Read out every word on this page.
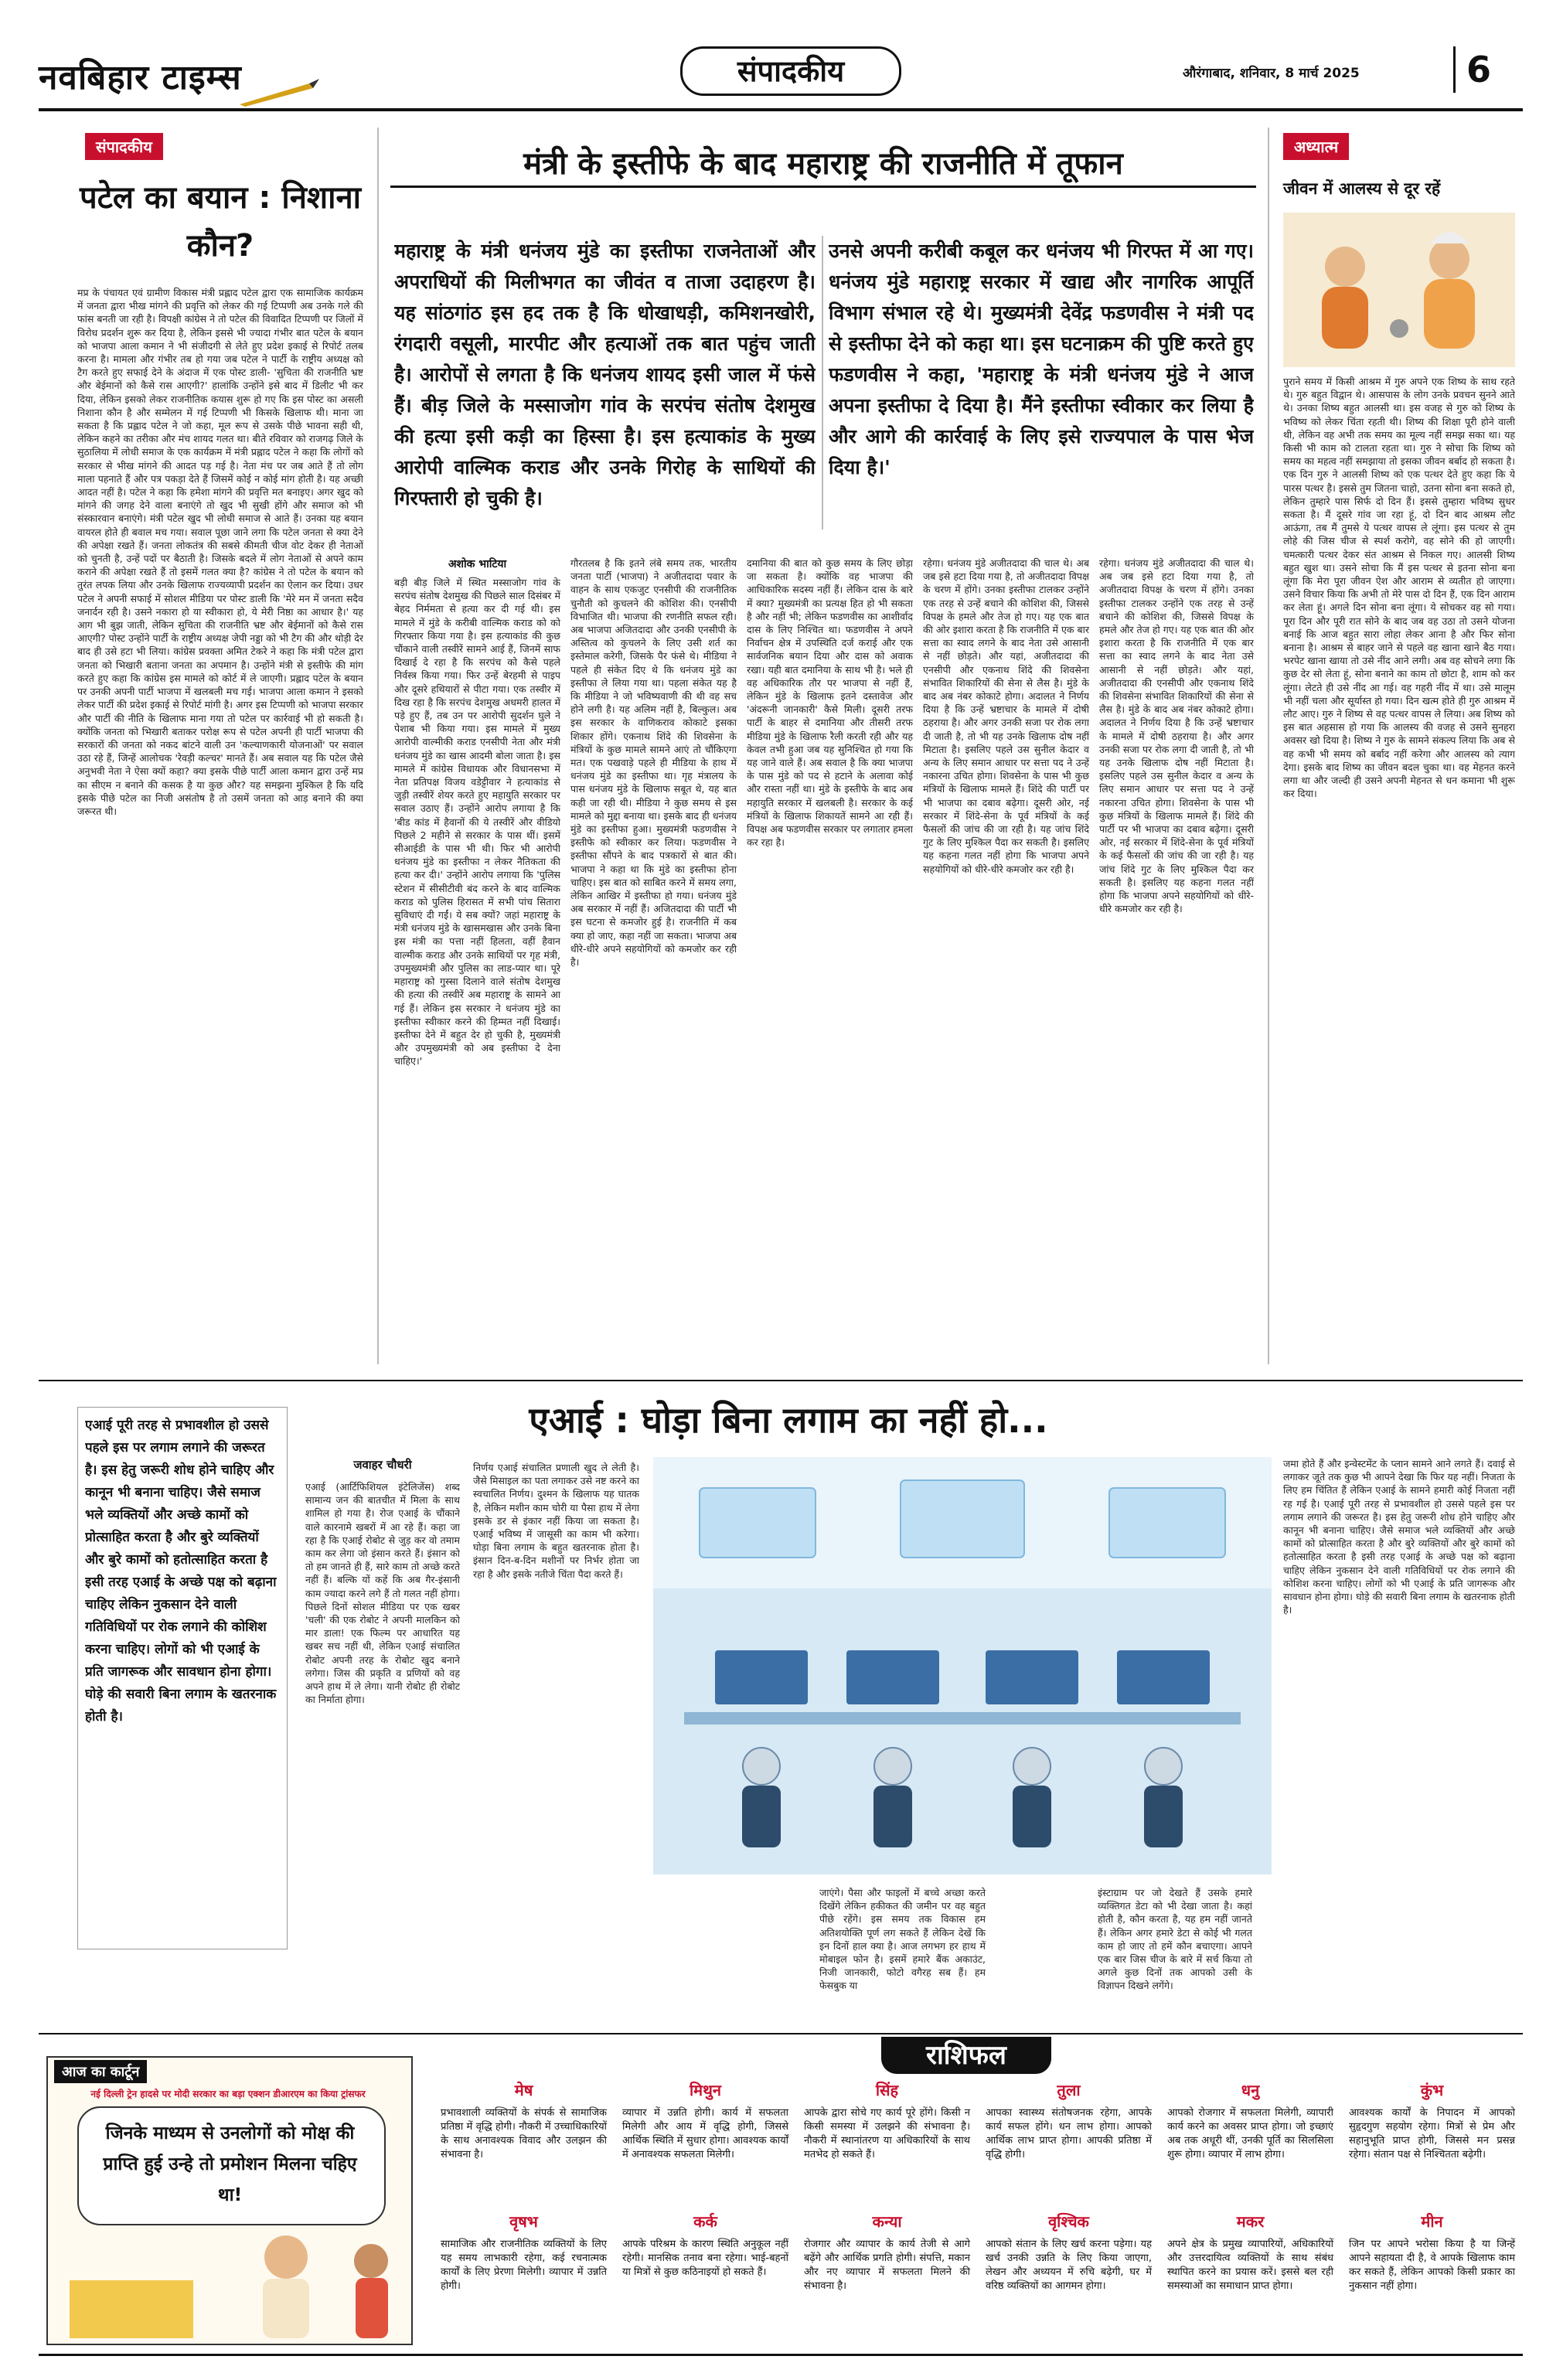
नवबिहार टाइम्स	संपादकीय	औरंगाबाद, शनिवार, 8 मार्च 2025	6
संपादकीय
पटेल का बयान : निशाना कौन?
मप्र के पंचायत एवं ग्रामीण विकास मंत्री प्रह्लाद पटेल द्वारा एक सामाजिक कार्यक्रम में जनता द्वारा भीख मांगने की प्रवृत्ति को लेकर की गई टिप्पणी अब उनके गले की फांस बनती जा रही है। विपक्षी कांग्रेस ने तो पटेल की विवादित टिप्पणी पर जिलों में विरोध प्रदर्शन शुरू कर दिया है, लेकिन इससे भी ज्यादा गंभीर बात पटेल के बयान को भाजपा आला कमान ने भी संजीदगी से लेते हुए प्रदेश इकाई से रिपोर्ट तलब करना है। मामला और गंभीर तब हो गया जब पटेल ने पार्टी के राष्ट्रीय अध्यक्ष को टैग करते हुए सफाई देने के अंदाज में एक पोस्ट डाली- 'सुचिता की राजनीति भ्रष्ट और बेईमानों को कैसे रास आएगी?' हालांकि उन्होंने इसे बाद में डिलीट भी कर दिया, लेकिन इसको लेकर राजनीतिक कयास शुरू हो गए कि इस पोस्ट का असली निशाना कौन है और सम्मेलन में गई टिप्पणी भी किसके खिलाफ थी। माना जा सकता है कि प्रह्लाद पटेल ने जो कहा, मूल रूप से उसके पीछे भावना सही थी, लेकिन कहने का तरीका और मंच शायद गलत था। बीते रविवार को राजगढ़ जिले के सुठालिया में लोधी समाज के एक कार्यक्रम में मंत्री प्रह्लाद पटेल ने कहा कि लोगों को सरकार से भीख मांगने की आदत पड़ गई है। नेता मंच पर जब आते हैं तो लोग माला पहनाते हैं और पत्र पकड़ा देते हैं जिसमें कोई न कोई मांग होती है। यह अच्छी आदत नहीं है। पटेल ने कहा कि हमेशा मांगने की प्रवृत्ति मत बनाइए। अगर खुद को मांगने की जगह देने वाला बनाएंगे तो खुद भी सुखी होंगे और समाज को भी संस्कारवान बनाएंगे। मंत्री पटेल खुद भी लोधी समाज से आते हैं। उनका यह बयान वायरल होते ही बवाल मच गया। सवाल पूछा जाने लगा कि पटेल जनता से क्या देने की अपेक्षा रखते हैं। जनता लोकतंत्र की सबसे कीमती चीज वोट देकर ही नेताओं को चुनती है, उन्हें पदों पर बैठाती है। जिसके बदले में लोग नेताओं से अपने काम कराने की अपेक्षा रखते हैं तो इसमें गलत क्या है? कांग्रेस ने तो पटेल के बयान को तुरंत लपक लिया और उनके खिलाफ राज्यव्यापी प्रदर्शन का ऐलान कर दिया। उधर पटेल ने अपनी सफाई में सोशल मीडिया पर पोस्ट डाली कि 'मेरे मन में जनता सदैव जनार्दन रही है। उसने नकारा हो या स्वीकारा हो, ये मेरी निष्ठा का आधार है।' यह आग भी बुझ जाती, लेकिन सुचिता की राजनीति भ्रष्ट और बेईमानों को कैसे रास आएगी? पोस्ट उन्होंने पार्टी के राष्ट्रीय अध्यक्ष जेपी नड्डा को भी टैग की और थोड़ी देर बाद ही उसे हटा भी लिया। कांग्रेस प्रवक्ता अमित टेकरे ने कहा कि मंत्री पटेल द्वारा जनता को भिखारी बताना जनता का अपमान है। उन्होंने मंत्री से इस्तीफे की मांग करते हुए कहा कि कांग्रेस इस मामले को कोर्ट में ले जाएगी। प्रह्लाद पटेल के बयान पर उनकी अपनी पार्टी भाजपा में खलबली मच गई। भाजपा आला कमान ने इसको लेकर पार्टी की प्रदेश इकाई से रिपोर्ट मांगी है। अगर इस टिप्पणी को भाजपा सरकार और पार्टी की नीति के खिलाफ माना गया तो पटेल पर कार्रवाई भी हो सकती है। क्योंकि जनता को भिखारी बताकर परोक्ष रूप से पटेल अपनी ही पार्टी भाजपा की सरकारों की जनता को नकद बांटने वाली उन 'कल्याणकारी योजनाओं' पर सवाल उठा रहे हैं, जिन्हें आलोचक 'रेवड़ी कल्चर' मानते हैं। अब सवाल यह कि पटेल जैसे अनुभवी नेता ने ऐसा क्यों कहा? क्या इसके पीछे पार्टी आला कमान द्वारा उन्हें मप्र का सीएम न बनाने की कसक है या कुछ और? यह समझना मुश्किल है कि यदि इसके पीछे पटेल का निजी असंतोष है तो उसमें जनता को आड़ बनाने की क्या जरूरत थी।
मंत्री के इस्तीफे के बाद महाराष्ट्र की राजनीति में तूफान
महाराष्ट्र के मंत्री धनंजय मुंडे का इस्तीफा राजनेताओं और अपराधियों की मिलीभगत का जीवंत व ताजा उदाहरण है। यह सांठगांठ इस हद तक है कि धोखाधड़ी, कमिशनखोरी, रंगदारी वसूली, मारपीट और हत्याओं तक बात पहुंच जाती है। आरोपों से लगता है कि धनंजय शायद इसी जाल में फंसे हैं। बीड़ जिले के मस्साजोग गांव के सरपंच संतोष देशमुख की हत्या इसी कड़ी का हिस्सा है। इस हत्याकांड के मुख्य आरोपी वाल्मिक कराड और उनके गिरोह के साथियों की गिरफ्तारी हो चुकी है।
उनसे अपनी करीबी कबूल कर धनंजय भी गिरफ्त में आ गए। धनंजय मुंडे महाराष्ट्र सरकार में खाद्य और नागरिक आपूर्ति विभाग संभाल रहे थे। मुख्यमंत्री देवेंद्र फडणवीस ने मंत्री पद से इस्तीफा देने को कहा था। इस घटनाक्रम की पुष्टि करते हुए फडणवीस ने कहा, 'महाराष्ट्र के मंत्री धनंजय मुंडे ने आज अपना इस्तीफा दे दिया है। मैंने इस्तीफा स्वीकार कर लिया है और आगे की कार्रवाई के लिए इसे राज्यपाल के पास भेज दिया है।'
अशोक भाटिया
बड़ी बीड़ जिले में स्थित मस्साजोग गांव के सरपंच संतोष देशमुख की पिछले साल दिसंबर में बेहद निर्ममता से हत्या कर दी गई थी। इस मामले में मुंडे के करीबी वाल्मिक कराड को को गिरफ्तार किया गया है। इस हत्याकांड की कुछ चौंकाने वाली तस्वीरें सामने आई हैं, जिनमें साफ दिखाई दे रहा है कि सरपंच को कैसे पहले निर्वस्त्र किया गया। फिर उन्हें बेरहमी से पाइप और दूसरे हथियारों से पीटा गया। एक तस्वीर में दिख रहा है कि सरपंच देशमुख अधमरी हालत में पड़े हुए हैं, तब उन पर आरोपी सुदर्शन घुले ने पेशाब भी किया गया। इस मामले में मुख्य आरोपी वाल्मीकी कराड एनसीपी नेता और मंत्री धनंजय मुंडे का खास आदमी बोला जाता है। इस मामले में कांग्रेस विधायक और विधानसभा में नेता प्रतिपक्ष विजय वडेट्टीवार ने हत्याकांड से जुड़ी तस्वीरें शेयर करते हुए महायुति सरकार पर सवाल उठाए हैं। उन्होंने आरोप लगाया है कि 'बीड कांड में हैवानों की ये तस्वीरें और वीडियो पिछले 2 महीने से सरकार के पास थीं। इसमें सीआईडी के पास भी थी। फिर भी आरोपी धनंजय मुंडे का इस्तीफा न लेकर नैतिकता की हत्या कर दी।' उन्होंने आरोप लगाया कि 'पुलिस स्टेशन में सीसीटीवी बंद करने के बाद वाल्मिक कराड को पुलिस हिरासत में सभी पांच सितारा सुविधाएं दी गईं। ये सब क्यों? जहां महाराष्ट्र के मंत्री धनंजय मुंडे के खासमखास और उनके बिना इस मंत्री का पत्ता नहीं हिलता, वहीं हैवान वाल्मीक कराड और उनके साथियों पर गृह मंत्री, उपमुख्यमंत्री और पुलिस का लाड-प्यार था। पूरे महाराष्ट्र को गुस्सा दिलाने वाले संतोष देशमुख की हत्या की तस्वीरें अब महाराष्ट्र के सामने आ गई हैं। लेकिन इस सरकार ने धनंजय मुंडे का इस्तीफा स्वीकार करने की हिम्मत नहीं दिखाई। इस्तीफा देने में बहुत देर हो चुकी है, मुख्यमंत्री और उपमुख्यमंत्री को अब इस्तीफा दे देना चाहिए।'
गौरतलब है कि इतने लंबे समय तक, भारतीय जनता पार्टी (भाजपा) ने अजीतदादा पवार के वाहन के साथ एकजुट एनसीपी की राजनीतिक चुनौती को कुचलने की कोशिश की। एनसीपी विभाजित थी। भाजपा की रणनीति सफल रही। अब भाजपा अजितदादा और उनकी एनसीपी के अस्तित्व को कुचलने के लिए उसी शर्त का इस्तेमाल करेगी, जिसके पैर फंसे थे। मीडिया ने पहले ही संकेत दिए थे कि धनंजय मुंडे का इस्तीफा ले लिया गया था। पहला संकेत यह है कि मीडिया ने जो भविष्यवाणी की थी वह सच होने लगी है। यह अलिम नहीं है, बिल्कुल। अब इस सरकार के वाणिकराव कोकाटे इसका शिकार होंगे। एकनाथ शिंदे की शिवसेना के मंत्रियों के कुछ मामले सामने आएं तो चौंकिएगा मत। एक पखवाड़े पहले ही मीडिया के हाथ में धनंजय मुंडे का इस्तीफा था। गृह मंत्रालय के पास धनंजय मुंडे के खिलाफ सबूत थे, यह बात कही जा रही थी। मीडिया ने कुछ समय से इस मामले को मुद्दा बनाया था। इसके बाद ही धनंजय मुंडे का इस्तीफा हुआ। मुख्यमंत्री फडणवीस ने इस्तीफे को स्वीकार कर लिया। फडणवीस ने इस्तीफा सौंपने के बाद पत्रकारों से बात की। भाजपा ने कहा था कि मुंडे का इस्तीफा होना चाहिए। इस बात को साबित करने में समय लगा, लेकिन आखिर में इस्तीफा हो गया। धनंजय मुंडे अब सरकार में नहीं हैं। अजितदादा की पार्टी भी इस घटना से कमजोर हुई है। राजनीति में कब क्या हो जाए, कहा नहीं जा सकता। भाजपा अब धीरे-धीरे अपने सहयोगियों को कमजोर कर रही है।
दमानिया की बात को कुछ समय के लिए छोड़ा जा सकता है। क्योंकि वह भाजपा की आधिकारिक सदस्य नहीं हैं। लेकिन दास के बारे में क्या? मुख्यमंत्री का प्रत्यक्ष हित हो भी सकता है और नहीं भी; लेकिन फडणवीस का आशीर्वाद दास के लिए निश्चित था। फडणवीस ने अपने निर्वाचन क्षेत्र में उपस्थिति दर्ज कराई और एक सार्वजनिक बयान दिया और दास को अवाक रखा। यही बात दमानिया के साथ भी है। भले ही वह अधिकारिक तौर पर भाजपा से नहीं हैं, लेकिन मुंडे के खिलाफ इतने दस्तावेज और 'अंदरूनी जानकारी' कैसे मिली। दूसरी तरफ पार्टी के बाहर से दमानिया और तीसरी तरफ मीडिया मुंडे के खिलाफ रैली करती रही और यह केवल तभी हुआ जब यह सुनिश्चित हो गया कि यह जाने वाले हैं। अब सवाल है कि क्या भाजपा के पास मुंडे को पद से हटाने के अलावा कोई और रास्ता नहीं था। मुंडे के इस्तीफे के बाद अब महायुति सरकार में खलबली है। सरकार के कई मंत्रियों के खिलाफ शिकायतें सामने आ रही हैं। विपक्ष अब फडणवीस सरकार पर लगातार हमला कर रहा है।
रहेगा। धनंजय मुंडे अजीतदादा की चाल थे। अब जब इसे हटा दिया गया है, तो अजीतदादा विपक्ष के चरण में होंगे। उनका इस्तीफा टालकर उन्होंने एक तरह से उन्हें बचाने की कोशिश की, जिससे विपक्ष के हमले और तेज हो गए। यह एक बात की ओर इशारा करता है कि राजनीति में एक बार सत्ता का स्वाद लगने के बाद नेता उसे आसानी से नहीं छोड़ते। और यहां, अजीतदादा की एनसीपी और एकनाथ शिंदे की शिवसेना संभावित शिकारियों की सेना से लैस है। मुंडे के बाद अब नंबर कोकाटे होगा। अदालत ने निर्णय दिया है कि उन्हें भ्रष्टाचार के मामले में दोषी ठहराया है। और अगर उनकी सजा पर रोक लगा दी जाती है, तो भी यह उनके खिलाफ दोष नहीं मिटाता है। इसलिए पहले उस सुनील केदार व अन्य के लिए समान आधार पर सत्ता पद ने उन्हें नकारना उचित होगा। शिवसेना के पास भी कुछ मंत्रियों के खिलाफ मामले हैं। शिंदे की पार्टी पर भी भाजपा का दबाव बढ़ेगा। दूसरी ओर, नई सरकार में शिंदे-सेना के पूर्व मंत्रियों के कई फैसलों की जांच की जा रही है। यह जांच शिंदे गुट के लिए मुश्किल पैदा कर सकती है। इसलिए यह कहना गलत नहीं होगा कि भाजपा अपने सहयोगियों को धीरे-धीरे कमजोर कर रही है।
रहेगा। धनंजय मुंडे अजीतदादा की चाल थे। अब जब इसे हटा दिया गया है, तो अजीतदादा विपक्ष के चरण में होंगे। उनका इस्तीफा टालकर उन्होंने एक तरह से उन्हें बचाने की कोशिश की, जिससे विपक्ष के हमले और तेज हो गए। यह एक बात की ओर इशारा करता है कि राजनीति में एक बार सत्ता का स्वाद लगने के बाद नेता उसे आसानी से नहीं छोड़ते। और यहां, अजीतदादा की एनसीपी और एकनाथ शिंदे की शिवसेना संभावित शिकारियों की सेना से लैस है। मुंडे के बाद अब नंबर कोकाटे होगा। अदालत ने निर्णय दिया है कि उन्हें भ्रष्टाचार के मामले में दोषी ठहराया है। और अगर उनकी सजा पर रोक लगा दी जाती है, तो भी यह उनके खिलाफ दोष नहीं मिटाता है। इसलिए पहले उस सुनील केदार व अन्य के लिए समान आधार पर सत्ता पद ने उन्हें नकारना उचित होगा। शिवसेना के पास भी कुछ मंत्रियों के खिलाफ मामले हैं। शिंदे की पार्टी पर भी भाजपा का दबाव बढ़ेगा। दूसरी ओर, नई सरकार में शिंदे-सेना के पूर्व मंत्रियों के कई फैसलों की जांच की जा रही है। यह जांच शिंदे गुट के लिए मुश्किल पैदा कर सकती है। इसलिए यह कहना गलत नहीं होगा कि भाजपा अपने सहयोगियों को धीरे-धीरे कमजोर कर रही है।
अध्यात्म
जीवन में आलस्य से दूर रहें
पुराने समय में किसी आश्रम में गुरु अपने एक शिष्य के साथ रहते थे। गुरु बहुत विद्वान थे। आसपास के लोग उनके प्रवचन सुनने आते थे। उनका शिष्य बहुत आलसी था। इस वजह से गुरु को शिष्य के भविष्य को लेकर चिंता रहती थी। शिष्य की शिक्षा पूरी होने वाली थी, लेकिन वह अभी तक समय का मूल्य नहीं समझ सका था। यह किसी भी काम को टालता रहता था। गुरु ने सोचा कि शिष्य को समय का महत्व नहीं समझाया तो इसका जीवन बर्बाद हो सकता है। एक दिन गुरु ने आलसी शिष्य को एक पत्थर देते हुए कहा कि ये पारस पत्थर है। इससे तुम जितना चाहो, उतना सोना बना सकते हो, लेकिन तुम्हारे पास सिर्फ दो दिन हैं। इससे तुम्हारा भविष्य सुधर सकता है। मैं दूसरे गांव जा रहा हूं, दो दिन बाद आश्रम लौट आऊंगा, तब मैं तुमसे ये पत्थर वापस ले लूंगा। इस पत्थर से तुम लोहे की जिस चीज से स्पर्श करोगे, वह सोने की हो जाएगी। चमत्कारी पत्थर देकर संत आश्रम से निकल गए। आलसी शिष्य बहुत खुश था। उसने सोचा कि मैं इस पत्थर से इतना सोना बना लूंगा कि मेरा पूरा जीवन ऐश और आराम से व्यतीत हो जाएगा। उसने विचार किया कि अभी तो मेरे पास दो दिन हैं, एक दिन आराम कर लेता हूं। अगले दिन सोना बना लूंगा। ये सोचकर वह सो गया। पूरा दिन और पूरी रात सोने के बाद जब वह उठा तो उसने योजना बनाई कि आज बहुत सारा लोहा लेकर आना है और फिर सोना बनाना है। आश्रम से बाहर जाने से पहले वह खाना खाने बैठ गया। भरपेट खाना खाया तो उसे नींद आने लगी। अब वह सोचने लगा कि कुछ देर सो लेता हूं, सोना बनाने का काम तो छोटा है, शाम को कर लूंगा। लेटते ही उसे नींद आ गई। वह गहरी नींद में था। उसे मालूम भी नहीं चला और सूर्यास्त हो गया। दिन खत्म होते ही गुरु आश्रम में लौट आए। गुरु ने शिष्य से वह पत्थर वापस ले लिया। अब शिष्य को इस बात अहसास हो गया कि आलस्य की वजह से उसने सुनहरा अवसर खो दिया है। शिष्य ने गुरु के सामने संकल्प लिया कि अब से वह कभी भी समय को बर्बाद नहीं करेगा और आलस्य को त्याग देगा। इसके बाद शिष्य का जीवन बदल चुका था। वह मेहनत करने लगा था और जल्दी ही उसने अपनी मेहनत से धन कमाना भी शुरू कर दिया।
एआई पूरी तरह से प्रभावशील हो उससे पहले इस पर लगाम लगाने की जरूरत है। इस हेतु जरूरी शोध होने चाहिए और कानून भी बनाना चाहिए। जैसे समाज भले व्यक्तियों और अच्छे कामों को प्रोत्साहित करता है और बुरे व्यक्तियों और बुरे कामों को हतोत्साहित करता है इसी तरह एआई के अच्छे पक्ष को बढ़ाना चाहिए लेकिन नुकसान देने वाली गतिविधियों पर रोक लगाने की कोशिश करना चाहिए। लोगों को भी एआई के प्रति जागरूक और सावधान होना होगा। घोड़े की सवारी बिना लगाम के खतरनाक होती है।
एआई : घोड़ा बिना लगाम का नहीं हो...
जवाहर चौधरी
एआई (आर्टिफिशियल इंटेलिजेंस) शब्द सामान्य जन की बातचीत में मिला के साथ शामिल हो गया है। रोज एआई के चौंकाने वाले कारनामे खबरों में आ रहे हैं। कहा जा रहा है कि एआई रोबोट से जुड़ कर वो तमाम काम कर लेगा जो इंसान करते हैं। इंसान को तो हम जानते ही हैं, सारे काम तो अच्छे करते नहीं हैं। बल्कि यों कहें कि अब गैर-इंसानी काम ज्यादा करने लगे हैं तो गलत नहीं होगा। पिछले दिनों सोशल मीडिया पर एक खबर 'चली' की एक रोबोट ने अपनी मालकिन को मार डाला! एक फिल्म पर आधारित यह खबर सच नहीं थी, लेकिन एआई संचालित रोबोट अपनी तरह के रोबोट खुद बनाने लगेगा। जिस की प्रकृति व प्रणियों को वह अपने हाथ में ले लेगा। यानी रोबोट ही रोबोट का निर्माता होगा।
निर्णय एआई संचालित प्रणाली खुद ले लेती है। जैसे मिसाइल का पता लगाकर उसे नष्ट करने का स्वचालित निर्णय। दुश्मन के खिलाफ यह घातक है, लेकिन मशीन काम चोरी या पैसा हाथ में लेगा इसके डर से इंकार नहीं किया जा सकता है। एआई भविष्य में जासूसी का काम भी करेगा। घोड़ा बिना लगाम के बहुत खतरनाक होता है। इंसान दिन-ब-दिन मशीनों पर निर्भर होता जा रहा है और इसके नतीजे चिंता पैदा करते हैं।
जाएंगे। पैसा और फाइलों में बच्चे अच्छा करते दिखेंगे लेकिन हकीकत की जमीन पर वह बहुत पीछे रहेंगे। इस समय तक विकास हम अतिशयोक्ति पूर्ण लग सकते हैं लेकिन देखें कि इन दिनों हाल क्या है। आज लगभग हर हाथ में मोबाइल फोन है। इसमें हमारे बैंक अकाउंट, निजी जानकारी, फोटो वगैरह सब हैं। हम फेसबुक या
इंस्टाग्राम पर जो देखते हैं उसके हमारे व्यक्तिगत डेटा को भी देखा जाता है। कहां होती है, कौन करता है, यह हम नहीं जानते हैं। लेकिन अगर हमारे डेटा से कोई भी गलत काम हो जाए तो हमें कौन बचाएगा। आपने एक बार जिस चीज के बारे में सर्च किया तो अगले कुछ दिनों तक आपको उसी के विज्ञापन दिखने लगेंगे।
जमा होते हैं और इन्वेस्टमेंट के प्लान सामने आने लगते हैं। दवाई से लगाकर जूते तक कुछ भी आपने देखा कि फिर यह नहीं। निजता के लिए हम चिंतित हैं लेकिन एआई के सामने हमारी कोई निजता नहीं रह गई है। एआई पूरी तरह से प्रभावशील हो उससे पहले इस पर लगाम लगाने की जरूरत है। इस हेतु जरूरी शोध होने चाहिए और कानून भी बनाना चाहिए। जैसे समाज भले व्यक्तियों और अच्छे कामों को प्रोत्साहित करता है और बुरे व्यक्तियों और बुरे कामों को हतोत्साहित करता है इसी तरह एआई के अच्छे पक्ष को बढ़ाना चाहिए लेकिन नुकसान देने वाली गतिविधियों पर रोक लगाने की कोशिश करना चाहिए। लोगों को भी एआई के प्रति जागरूक और सावधान होना होगा। घोड़े की सवारी बिना लगाम के खतरनाक होती है।
आज का कार्टून
नई दिल्ली ट्रेन हादसे पर मोदी सरकार का बड़ा एक्शन डीआरएम का किया ट्रांसफर
जिनके माध्यम से उनलोगों को मोक्ष की प्राप्ति हुई उन्हे तो प्रमोशन मिलना चहिए था!
राशिफल
मेष
प्रभावशाली व्यक्तियों के संपर्क से सामाजिक प्रतिष्ठा में वृद्धि होगी। नौकरी में उच्चाधिकारियों के साथ अनावश्यक विवाद और उलझन की संभावना है।
मिथुन
व्यापार में उन्नति होगी। कार्य में सफलता मिलेगी और आय में वृद्धि होगी, जिससे आर्थिक स्थिति में सुधार होगा। आवश्यक कार्यों में अनावश्यक सफलता मिलेगी।
सिंह
आपके द्वारा सोचे गए कार्य पूरे होंगे। किसी न किसी समस्या में उलझने की संभावना है। नौकरी में स्थानांतरण या अधिकारियों के साथ मतभेद हो सकते हैं।
तुला
आपका स्वास्थ्य संतोषजनक रहेगा, आपके कार्य सफल होंगे। धन लाभ होगा। आपको आर्थिक लाभ प्राप्त होगा। आपकी प्रतिष्ठा में वृद्धि होगी।
धनु
आपको रोजगार में सफलता मिलेगी, व्यापारी कार्य करने का अवसर प्राप्त होगा। जो इच्छाएं अब तक अधूरी थीं, उनकी पूर्ति का सिलसिला शुरू होगा। व्यापार में लाभ होगा।
कुंभ
आवश्यक कार्यों के निपादन में आपको सुहृदगुण सहयोग रहेगा। मित्रों से प्रेम और सहानुभूति प्राप्त होगी, जिससे मन प्रसन्न रहेगा। संतान पक्ष से निश्चितता बढ़ेगी।
वृषभ
सामाजिक और राजनीतिक व्यक्तियों के लिए यह समय लाभकारी रहेगा, कई रचनात्मक कार्यों के लिए प्रेरणा मिलेगी। व्यापार में उन्नति होगी।
कर्क
आपके परिश्रम के कारण स्थिति अनुकूल नहीं रहेगी। मानसिक तनाव बना रहेगा। भाई-बहनों या मित्रों से कुछ कठिनाइयों हो सकते हैं।
कन्या
रोजगार और व्यापार के कार्य तेजी से आगे बढ़ेंगे और आर्थिक प्रगति होगी। संपत्ति, मकान और नए व्यापार में सफलता मिलने की संभावना है।
वृश्चिक
आपको संतान के लिए खर्च करना पड़ेगा। यह खर्च उनकी उन्नति के लिए किया जाएगा, लेखन और अध्ययन में रुचि बढ़ेगी, घर में वरिष्ठ व्यक्तियों का आगमन होगा।
मकर
अपने क्षेत्र के प्रमुख व्यापारियों, अधिकारियों और उत्तरदायित्व व्यक्तियों के साथ संबंध स्थापित करने का प्रयास करें। इससे बल रही समस्याओं का समाधान प्राप्त होगा।
मीन
जिन पर आपने भरोसा किया है या जिन्हें आपने सहायता दी है, वे आपके खिलाफ काम कर सकते हैं, लेकिन आपको किसी प्रकार का नुकसान नहीं होगा।
